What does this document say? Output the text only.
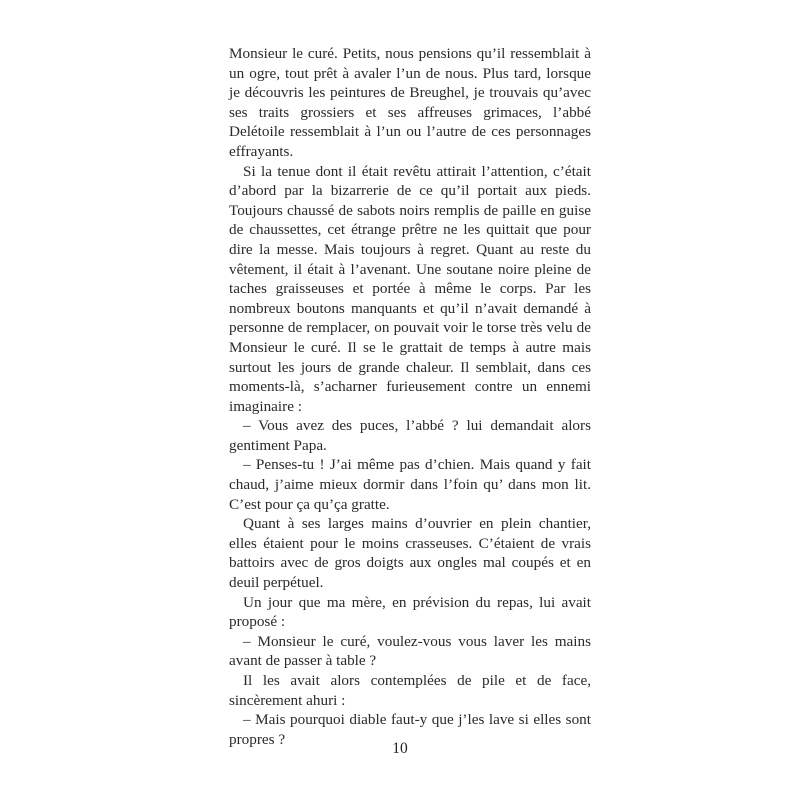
Monsieur le curé. Petits, nous pensions qu’il ressemblait à un ogre, tout prêt à avaler l’un de nous. Plus tard, lorsque je découvris les peintures de Breughel, je trouvais qu’avec ses traits grossiers et ses affreuses grimaces, l’abbé Delétoile ressemblait à l’un ou l’autre de ces personnages effrayants.

Si la tenue dont il était revêtu attirait l’attention, c’était d’abord par la bizarrerie de ce qu’il portait aux pieds. Toujours chaussé de sabots noirs remplis de paille en guise de chaussettes, cet étrange prêtre ne les quittait que pour dire la messe. Mais toujours à regret. Quant au reste du vêtement, il était à l’avenant. Une soutane noire pleine de taches graisseuses et portée à même le corps. Par les nombreux boutons manquants et qu’il n’avait demandé à personne de remplacer, on pouvait voir le torse très velu de Monsieur le curé. Il se le grattait de temps à autre mais surtout les jours de grande chaleur. Il semblait, dans ces moments-là, s’acharner furieusement contre un ennemi imaginaire :

– Vous avez des puces, l’abbé ? lui demandait alors gentiment Papa.

– Penses-tu ! J’ai même pas d’chien. Mais quand y fait chaud, j’aime mieux dormir dans l’foin qu’ dans mon lit. C’est pour ça qu’ça gratte.

Quant à ses larges mains d’ouvrier en plein chantier, elles étaient pour le moins crasseuses. C’étaient de vrais battoirs avec de gros doigts aux ongles mal coupés et en deuil perpétuel.

Un jour que ma mère, en prévision du repas, lui avait proposé :

– Monsieur le curé, voulez-vous vous laver les mains avant de passer à table ?

Il les avait alors contemplées de pile et de face, sincèrement ahuri :

– Mais pourquoi diable faut-y que j’les lave si elles sont propres ?

10
